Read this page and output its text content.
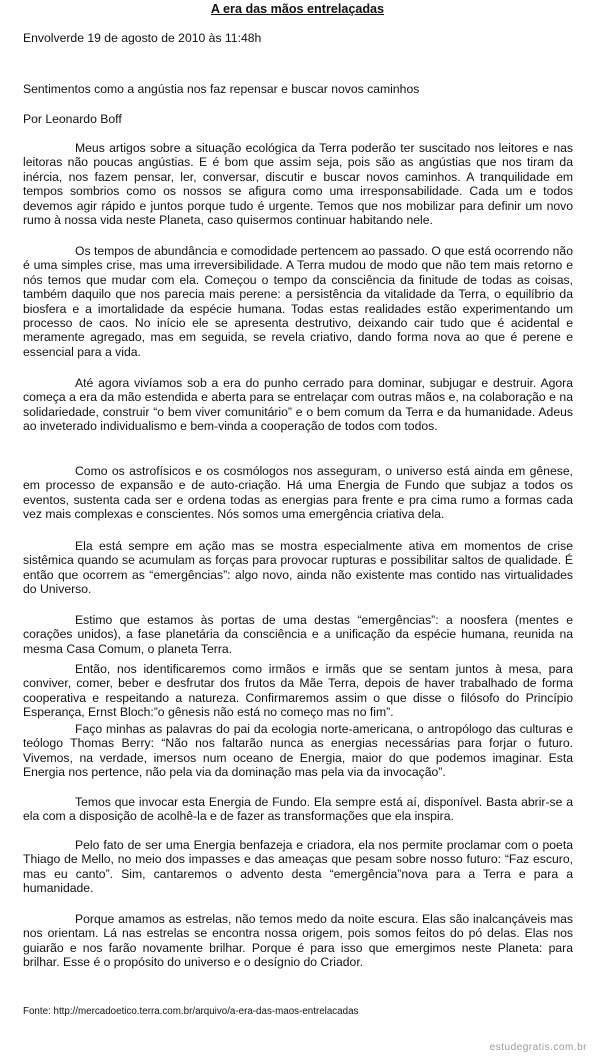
A era das mãos entrelaçadas

Envolverde 19 de agosto de 2010 às 11:48h

Sentimentos como a angústia nos faz repensar e buscar novos caminhos

Por Leonardo Boff

Meus artigos sobre a situação ecológica da Terra poderão ter suscitado nos leitores e nas leitoras não poucas angústias. E é bom que assim seja, pois são as angústias que nos tiram da inércia, nos fazem pensar, ler, conversar, discutir e buscar novos caminhos. A tranquilidade em tempos sombrios como os nossos se afigura como uma irresponsabilidade. Cada um e todos devemos agir rápido e juntos porque tudo é urgente. Temos que nos mobilizar para definir um novo rumo à nossa vida neste Planeta, caso quisermos continuar habitando nele.

Os tempos de abundância e comodidade pertencem ao passado. O que está ocorrendo não é uma simples crise, mas uma irreversibilidade. A Terra mudou de modo que não tem mais retorno e nós temos que mudar com ela. Começou o tempo da consciência da finitude de todas as coisas, também daquilo que nos parecia mais perene: a persistência da vitalidade da Terra, o equilíbrio da biosfera e a imortalidade da espécie humana. Todas estas realidades estão experimentando um processo de caos. No início ele se apresenta destrutivo, deixando cair tudo que é acidental e meramente agregado, mas em seguida, se revela criativo, dando forma nova ao que é perene e essencial para a vida.

Até agora vivíamos sob a era do punho cerrado para dominar, subjugar e destruir. Agora começa a era da mão estendida e aberta para se entrelaçar com outras mãos e, na colaboração e na solidariedade, construir “o bem viver comunitário” e o bem comum da Terra e da humanidade. Adeus ao inveterado individualismo e bem-vinda a cooperação de todos com todos.

Como os astrofísicos e os cosmólogos nos asseguram, o universo está ainda em gênese, em processo de expansão e de auto-criação. Há uma Energia de Fundo que subjaz a todos os eventos, sustenta cada ser e ordena todas as energias para frente e pra cima rumo a formas cada vez mais complexas e conscientes. Nós somos uma emergência criativa dela.

Ela está sempre em ação mas se mostra especialmente ativa em momentos de crise sistêmica quando se acumulam as forças para provocar rupturas e possibilitar saltos de qualidade. É então que ocorrem as “emergências”: algo novo, ainda não existente mas contido nas virtualidades do Universo.

Estimo que estamos às portas de uma destas “emergências”: a noosfera (mentes e corações unidos), a fase planetária da consciência e a unificação da espécie humana, reunida na mesma Casa Comum, o planeta Terra.

Então, nos identificaremos como irmãos e irmãs que se sentam juntos à mesa, para conviver, comer, beber e desfrutar dos frutos da Mãe Terra, depois de haver trabalhado de forma cooperativa e respeitando a natureza. Confirmaremos assim o que disse o filósofo do Princípio Esperança, Ernst Bloch:”o gênesis não está no começo mas no fim”.

Faço minhas as palavras do pai da ecologia norte-americana, o antropólogo das culturas e teólogo Thomas Berry: “Não nos faltarão nunca as energias necessárias para forjar o futuro. Vivemos, na verdade, imersos num oceano de Energia, maior do que podemos imaginar. Esta Energia nos pertence, não pela via da dominação mas pela via da invocação”.

Temos que invocar esta Energia de Fundo. Ela sempre está aí, disponível. Basta abrir-se a ela com a disposição de acolhê-la e de fazer as transformações que ela inspira.

Pelo fato de ser uma Energia benfazeja e criadora, ela nos permite proclamar com o poeta Thiago de Mello, no meio dos impasses e das ameaças que pesam sobre nosso futuro: “Faz escuro, mas eu canto”. Sim, cantaremos o advento desta “emergência”nova para a Terra e para a humanidade.

Porque amamos as estrelas, não temos medo da noite escura. Elas são inalcançáveis mas nos orientam. Lá nas estrelas se encontra nossa origem, pois somos feitos do pó delas. Elas nos guiarão e nos farão novamente brilhar. Porque é para isso que emergimos neste Planeta: para brilhar. Esse é o propósito do universo e o desígnio do Criador.

Fonte: http://mercadoetico.terra.com.br/arquivo/a-era-das-maos-entrelacadas
estudegratis.com.br
